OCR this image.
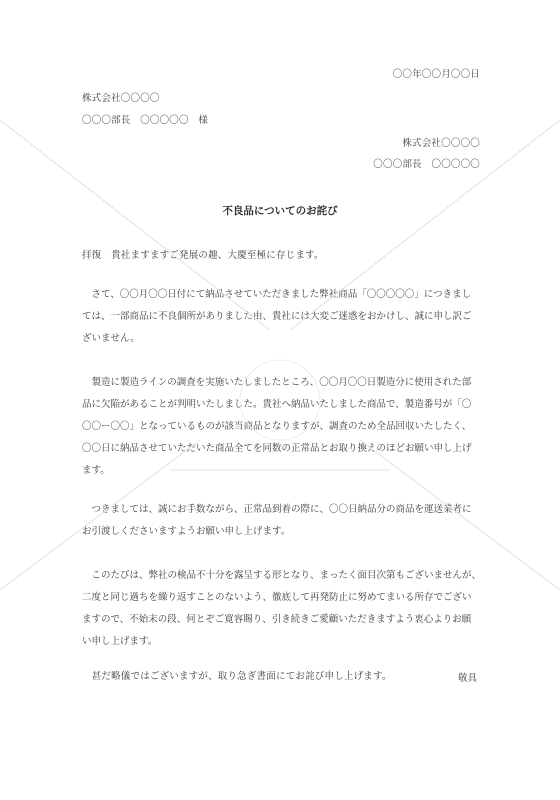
〇〇年〇〇月〇〇日
株式会社〇〇〇〇
〇〇〇部長　〇〇〇〇〇　様
株式会社〇〇〇〇
〇〇〇部長　〇〇〇〇〇
不良品についてのお詫び
拝復　貴社ますますご発展の趣、大慶至極に存じます。
　さて、〇〇月〇〇日付にて納品させていただきました弊社商品「〇〇〇〇〇」につきまし
ては、一部商品に不良個所がありました由、貴社には大変ご迷惑をおかけし、誠に申し訳ご
ざいません。
　製造に製造ラインの調査を実施いたしましたところ、〇〇月〇〇日製造分に使用された部
品に欠陥があることが判明いたしました。貴社へ納品いたしました商品で、製造番号が「〇
〇〇ー〇〇」となっているものが該当商品となりますが、調査のため全品回収いたしたく、
〇〇日に納品させていただいた商品全てを同数の正常品とお取り換えのほどお願い申し上げ
ます。
　つきましては、誠にお手数ながら、正常品到着の際に、〇〇日納品分の商品を運送業者に
お引渡しくださいますようお願い申し上げます。
　このたびは、弊社の検品不十分を露呈する形となり、まったく面目次第もございませんが、
二度と同じ過ちを繰り返すことのないよう、徹底して再発防止に努めてまいる所存でござい
ますので、不始末の段、何とぞご寛容賜り、引き続きご愛顧いただきますよう衷心よりお願
い申し上げます。
　甚だ略儀ではございますが、取り急ぎ書面にてお詫び申し上げます。	敬具
